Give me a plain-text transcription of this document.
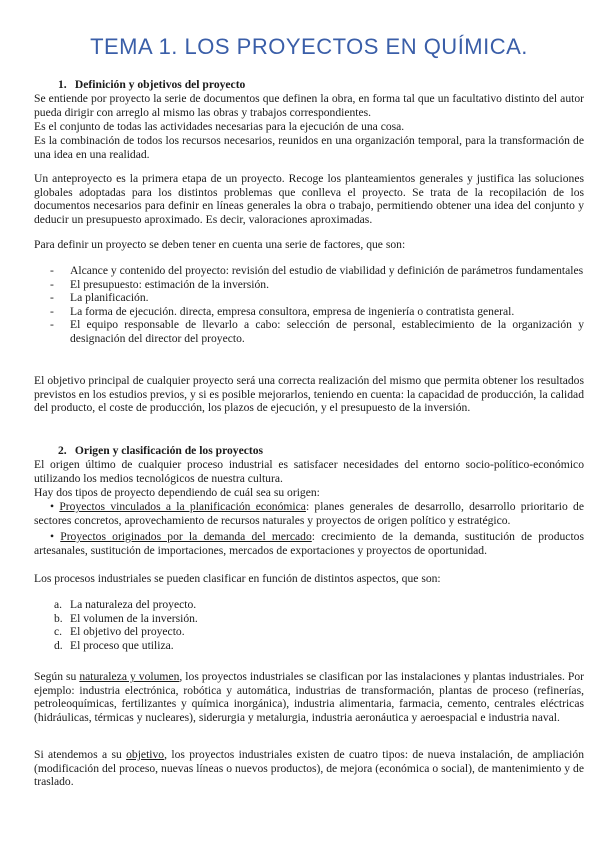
TEMA 1. LOS PROYECTOS EN QUÍMICA.
1. Definición y objetivos del proyecto
Se entiende por proyecto la serie de documentos que definen la obra, en forma tal que un facultativo distinto del autor pueda dirigir con arreglo al mismo las obras y trabajos correspondientes.
Es el conjunto de todas las actividades necesarias para la ejecución de una cosa.
Es la combinación de todos los recursos necesarios, reunidos en una organización temporal, para la transformación de una idea en una realidad.
Un anteproyecto es la primera etapa de un proyecto. Recoge los planteamientos generales y justifica las soluciones globales adoptadas para los distintos problemas que conlleva el proyecto. Se trata de la recopilación de los documentos necesarios para definir en líneas generales la obra o trabajo, permitiendo obtener una idea del conjunto y deducir un presupuesto aproximado. Es decir, valoraciones aproximadas.
Para definir un proyecto se deben tener en cuenta una serie de factores, que son:
- Alcance y contenido del proyecto: revisión del estudio de viabilidad y definición de parámetros fundamentales
- El presupuesto: estimación de la inversión.
- La planificación.
- La forma de ejecución. directa, empresa consultora, empresa de ingeniería o contratista general.
- El equipo responsable de llevarlo a cabo: selección de personal, establecimiento de la organización y designación del director del proyecto.
El objetivo principal de cualquier proyecto será una correcta realización del mismo que permita obtener los resultados previstos en los estudios previos, y si es posible mejorarlos, teniendo en cuenta: la capacidad de producción, la calidad del producto, el coste de producción, los plazos de ejecución, y el presupuesto de la inversión.
2. Origen y clasificación de los proyectos
El origen último de cualquier proceso industrial es satisfacer necesidades del entorno socio-político-económico utilizando los medios tecnológicos de nuestra cultura.
Hay dos tipos de proyecto dependiendo de cuál sea su origen:
• Proyectos vinculados a la planificación económica: planes generales de desarrollo, desarrollo prioritario de sectores concretos, aprovechamiento de recursos naturales y proyectos de origen político y estratégico.
• Proyectos originados por la demanda del mercado: crecimiento de la demanda, sustitución de productos artesanales, sustitución de importaciones, mercados de exportaciones y proyectos de oportunidad.
Los procesos industriales se pueden clasificar en función de distintos aspectos, que son:
a. La naturaleza del proyecto.
b. El volumen de la inversión.
c. El objetivo del proyecto.
d. El proceso que utiliza.
Según su naturaleza y volumen, los proyectos industriales se clasifican por las instalaciones y plantas industriales. Por ejemplo: industria electrónica, robótica y automática, industrias de transformación, plantas de proceso (refinerías, petroleoquímicas, fertilizantes y química inorgánica), industria alimentaria, farmacia, cemento, centrales eléctricas (hidráulicas, térmicas y nucleares), siderurgia y metalurgia, industria aeronáutica y aeroespacial e industria naval.
Si atendemos a su objetivo, los proyectos industriales existen de cuatro tipos: de nueva instalación, de ampliación (modificación del proceso, nuevas líneas o nuevos productos), de mejora (económica o social), de mantenimiento y de traslado.
